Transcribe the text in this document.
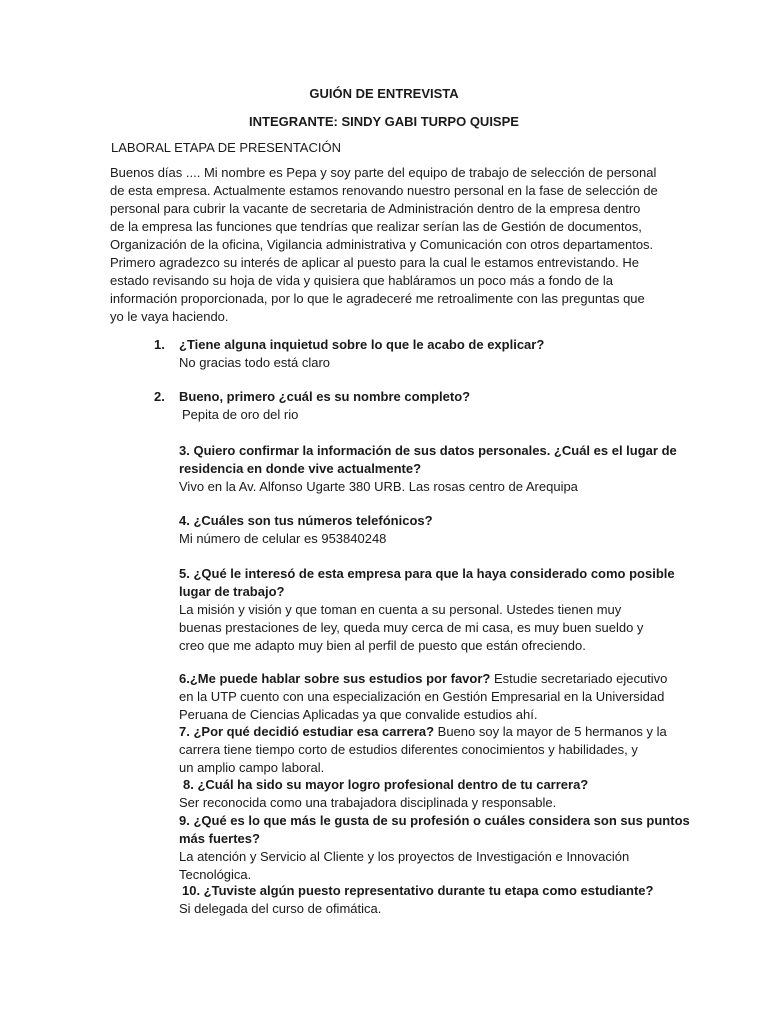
GUIÓN DE ENTREVISTA

INTEGRANTE: SINDY GABI TURPO QUISPE

LABORAL ETAPA DE PRESENTACIÓN

Buenos días .... Mi nombre es Pepa y soy parte del equipo de trabajo de selección de personal
de esta empresa. Actualmente estamos renovando nuestro personal en la fase de selección de
personal para cubrir la vacante de secretaria de Administración dentro de la empresa dentro
de la empresa las funciones que tendrías que realizar serían las de Gestión de documentos,
Organización de la oficina, Vigilancia administrativa y Comunicación con otros departamentos.
Primero agradezco su interés de aplicar al puesto para la cual le estamos entrevistando. He
estado revisando su hoja de vida y quisiera que habláramos un poco más a fondo de la
información proporcionada, por lo que le agradeceré me retroalimente con las preguntas que
yo le vaya haciendo.
1. ¿Tiene alguna inquietud sobre lo que le acabo de explicar?
No gracias todo está claro
2. Bueno, primero ¿cuál es su nombre completo?
Pepita de oro del rio
3. Quiero confirmar la información de sus datos personales. ¿Cuál es el lugar de
residencia en donde vive actualmente?
Vivo en la Av. Alfonso Ugarte 380 URB. Las rosas centro de Arequipa
4. ¿Cuáles son tus números telefónicos?
Mi número de celular es 953840248
5. ¿Qué le interesó de esta empresa para que la haya considerado como posible
lugar de trabajo?
La misión y visión y que toman en cuenta a su personal. Ustedes tienen muy
buenas prestaciones de ley, queda muy cerca de mi casa, es muy buen sueldo y
creo que me adapto muy bien al perfil de puesto que están ofreciendo.
6.¿Me puede hablar sobre sus estudios por favor? Estudie secretariado ejecutivo
en la UTP cuento con una especialización en Gestión Empresarial en la Universidad
Peruana de Ciencias Aplicadas ya que convalide estudios ahí.
7. ¿Por qué decidió estudiar esa carrera? Bueno soy la mayor de 5 hermanos y la
carrera tiene tiempo corto de estudios diferentes conocimientos y habilidades, y
un amplio campo laboral.
8. ¿Cuál ha sido su mayor logro profesional dentro de tu carrera?
Ser reconocida como una trabajadora disciplinada y responsable.
9. ¿Qué es lo que más le gusta de su profesión o cuáles considera son sus puntos
más fuertes?
La atención y Servicio al Cliente y los proyectos de Investigación e Innovación
Tecnológica.
10. ¿Tuviste algún puesto representativo durante tu etapa como estudiante?
Si delegada del curso de ofimática.
